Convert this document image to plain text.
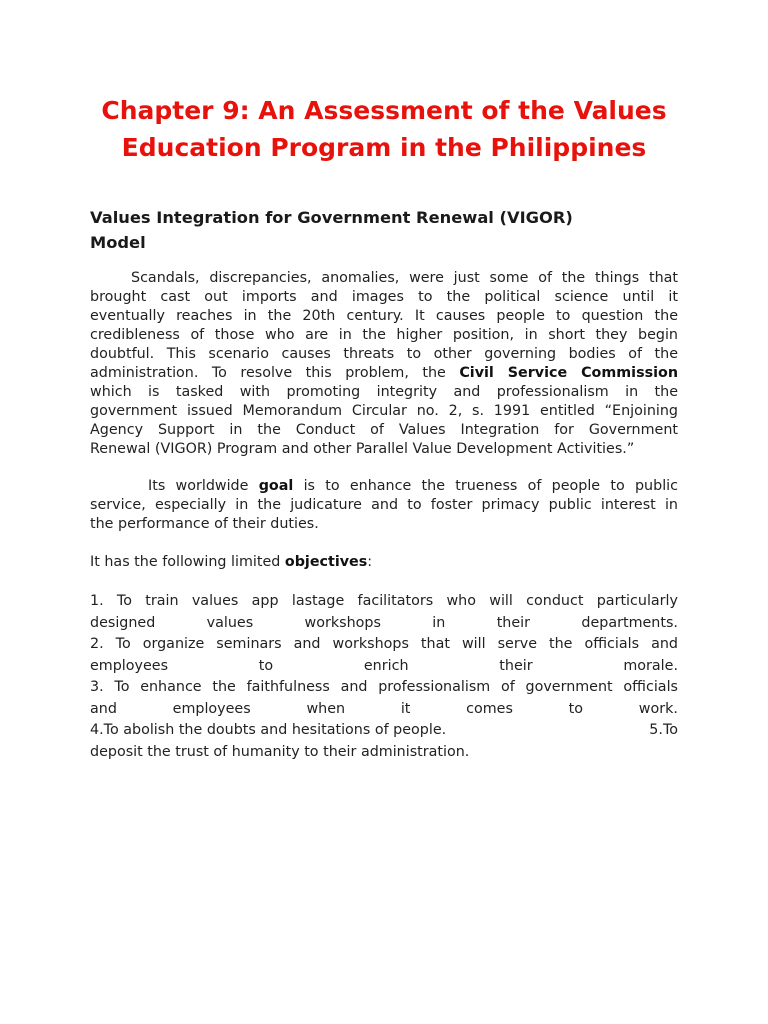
Chapter 9: An Assessment of the Values
Education Program in the Philippines
Values Integration for Government Renewal (VIGOR)
Model
Scandals, discrepancies, anomalies, were just some of the things that
brought cast out imports and images to the political science until it
eventually reaches in the 20th century. It causes people to question the
credibleness of those who are in the higher position, in short they begin
doubtful. This scenario causes threats to other governing bodies of the
administration. To resolve this problem, the Civil Service Commission
which is tasked with promoting integrity and professionalism in the
government issued Memorandum Circular no. 2, s. 1991 entitled “Enjoining
Agency Support in the Conduct of Values Integration for Government
Renewal (VIGOR) Program and other Parallel Value Development Activities.”
Its worldwide goal is to enhance the trueness of people to public
service, especially in the judicature and to foster primacy public interest in
the performance of their duties.
It has the following limited objectives:
1. To train values app lastage facilitators who will conduct particularly
designed	values	workshops	in	their	departments.
2. To organize seminars and workshops that will serve the officials and
employees	to	enrich	their	morale.
3. To enhance the faithfulness and professionalism of government officials
and	employees	when	it	comes	to	work.
4.To abolish the doubts and hesitations of people.	5.To
deposit the trust of humanity to their administration.
